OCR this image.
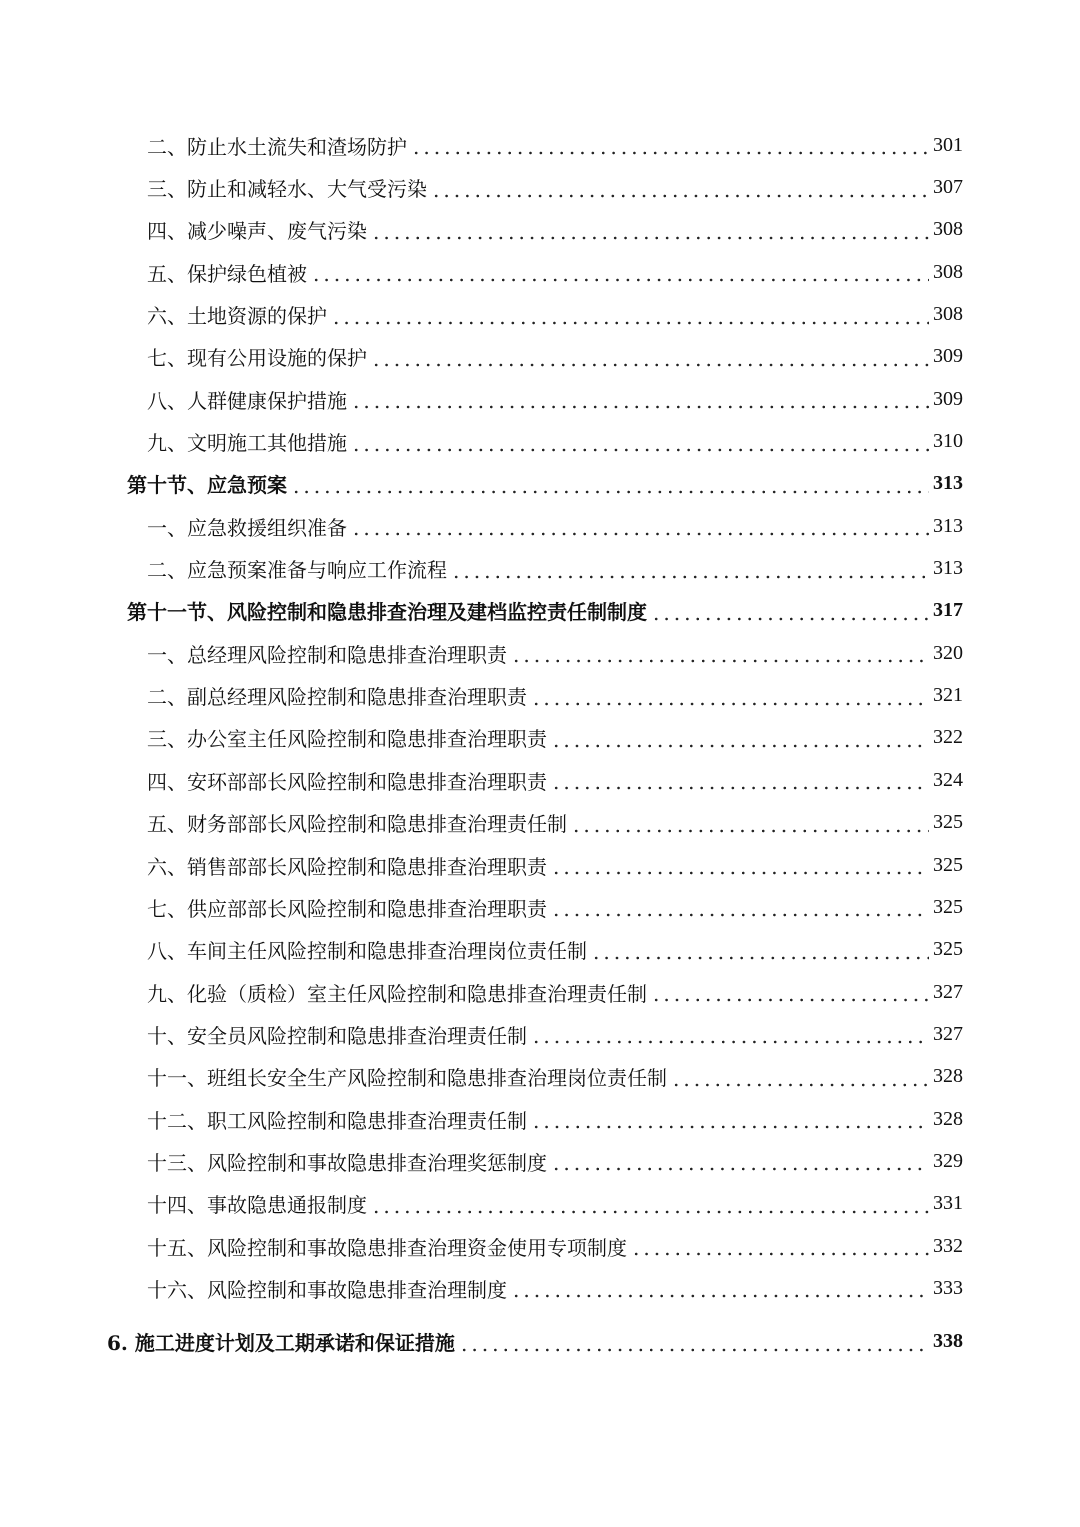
二、防止水土流失和渣场防护	301
三、防止和减轻水、大气受污染	307
四、减少噪声、废气污染	308
五、保护绿色植被	308
六、土地资源的保护	308
七、现有公用设施的保护	309
八、人群健康保护措施	309
九、文明施工其他措施	310
第十节、应急预案	313
一、应急救援组织准备	313
二、应急预案准备与响应工作流程	313
第十一节、风险控制和隐患排查治理及建档监控责任制制度	317
一、总经理风险控制和隐患排查治理职责	320
二、副总经理风险控制和隐患排查治理职责	321
三、办公室主任风险控制和隐患排查治理职责	322
四、安环部部长风险控制和隐患排查治理职责	324
五、财务部部长风险控制和隐患排查治理责任制	325
六、销售部部长风险控制和隐患排查治理职责	325
七、供应部部长风险控制和隐患排查治理职责	325
八、车间主任风险控制和隐患排查治理岗位责任制	325
九、化验（质检）室主任风险控制和隐患排查治理责任制	327
十、安全员风险控制和隐患排查治理责任制	327
十一、班组长安全生产风险控制和隐患排查治理岗位责任制	328
十二、职工风险控制和隐患排查治理责任制	328
十三、风险控制和事故隐患排查治理奖惩制度	329
十四、事故隐患通报制度	331
十五、风险控制和事故隐患排查治理资金使用专项制度	332
十六、风险控制和事故隐患排查治理制度	333
6. 施工进度计划及工期承诺和保证措施	338
